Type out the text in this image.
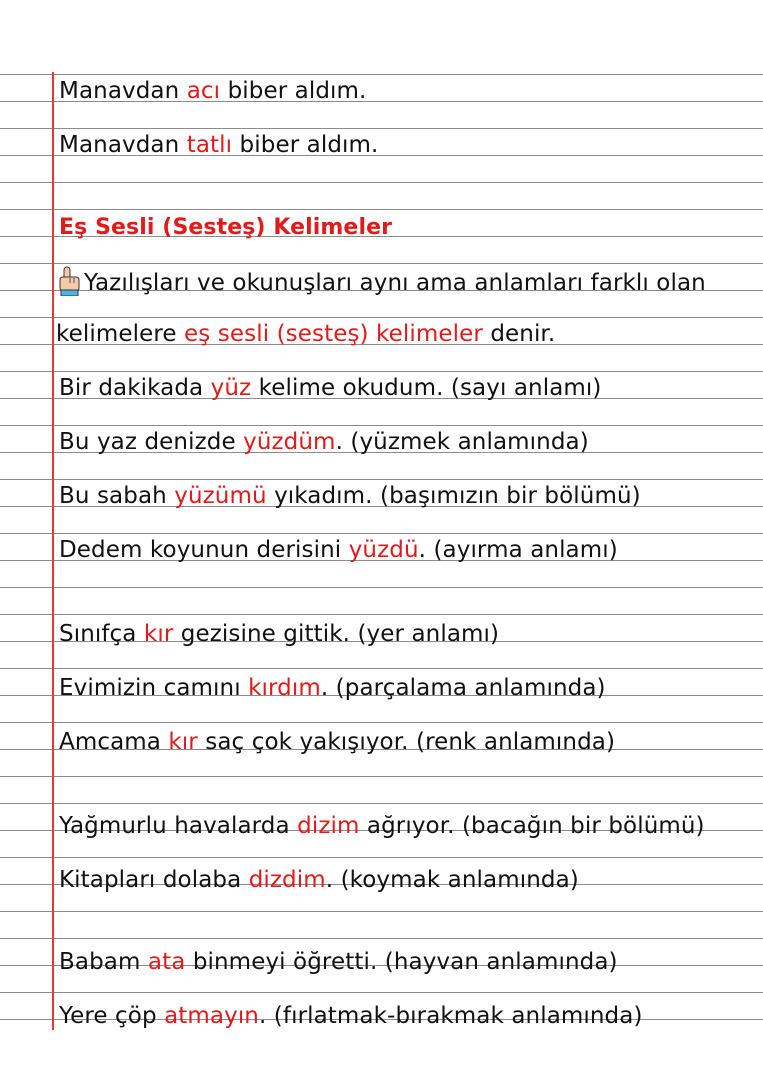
Manavdan acı biber aldım.
Manavdan tatlı biber aldım.
Eş Sesli (Sesteş) Kelimeler
Yazılışları ve okunuşları aynı ama anlamları farklı olan
kelimelere eş sesli (sesteş) kelimeler denir.
Bir dakikada yüz kelime okudum. (sayı anlamı)
Bu yaz denizde yüzdüm. (yüzmek anlamında)
Bu sabah yüzümü yıkadım. (başımızın bir bölümü)
Dedem koyunun derisini yüzdü. (ayırma anlamı)
Sınıfça kır gezisine gittik. (yer anlamı)
Evimizin camını kırdım. (parçalama anlamında)
Amcama kır saç çok yakışıyor. (renk anlamında)
Yağmurlu havalarda dizim ağrıyor. (bacağın bir bölümü)
Kitapları dolaba dizdim. (koymak anlamında)
Babam ata binmeyi öğretti. (hayvan anlamında)
Yere çöp atmayın. (fırlatmak-bırakmak anlamında)
